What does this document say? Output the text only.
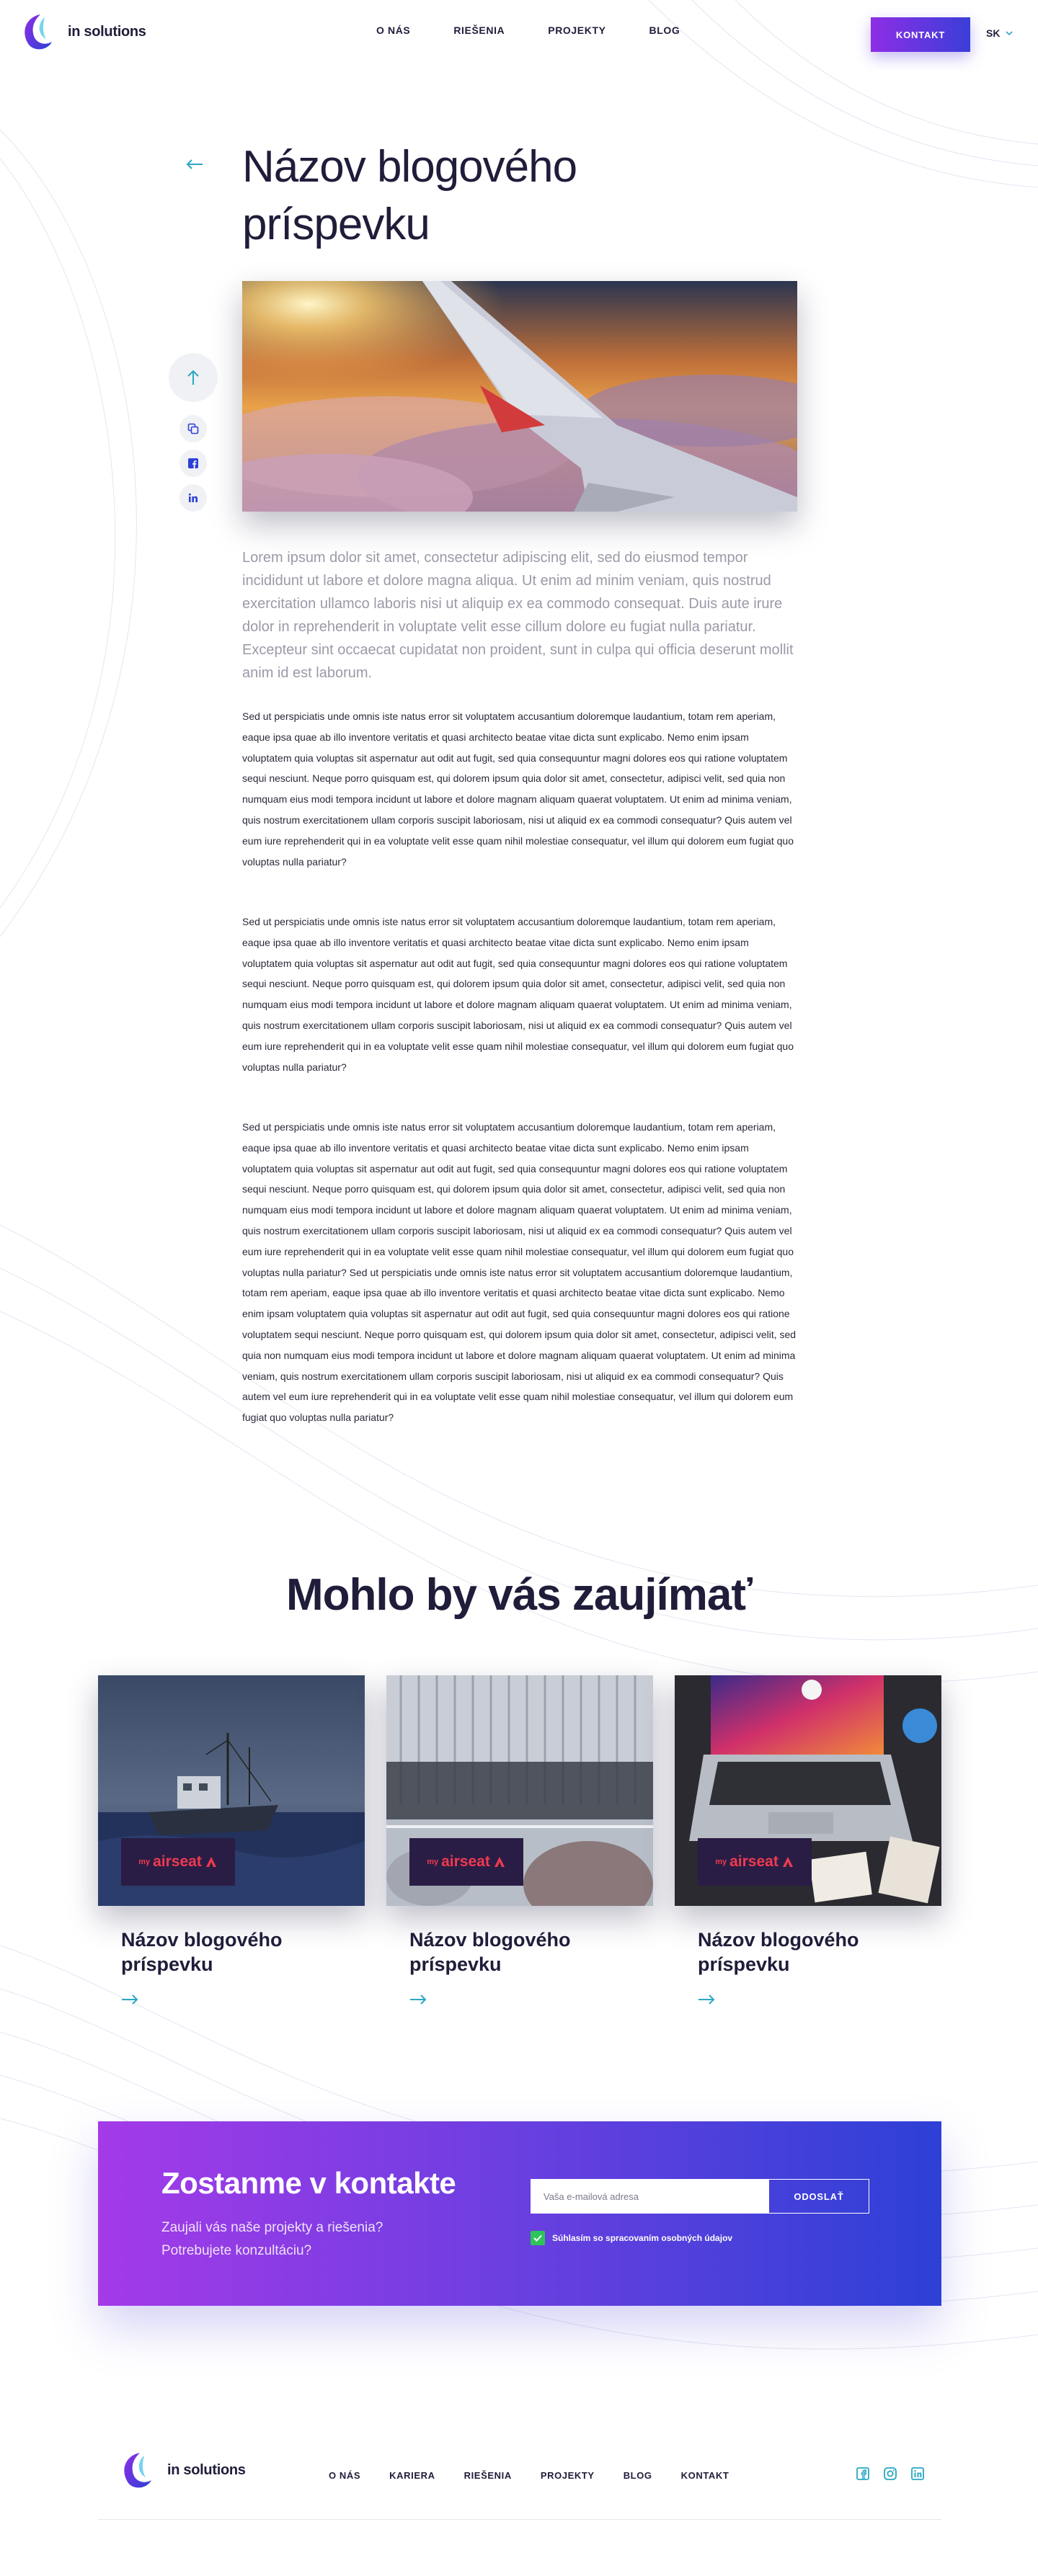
in solutions	O NÁS	RIEŠENIA	PROJEKTY	BLOG	KONTAKT	SK
Názov blogového príspevku

Lorem ipsum dolor sit amet, consectetur adipiscing elit, sed do eiusmod tempor incididunt ut labore et dolore magna aliqua. Ut enim ad minim veniam, quis nostrud exercitation ullamco laboris nisi ut aliquip ex ea commodo consequat. Duis aute irure dolor in reprehenderit in voluptate velit esse cillum dolore eu fugiat nulla pariatur. Excepteur sint occaecat cupidatat non proident, sunt in culpa qui officia deserunt mollit anim id est laborum.

Sed ut perspiciatis unde omnis iste natus error sit voluptatem accusantium doloremque laudantium, totam rem aperiam, eaque ipsa quae ab illo inventore veritatis et quasi architecto beatae vitae dicta sunt explicabo. Nemo enim ipsam voluptatem quia voluptas sit aspernatur aut odit aut fugit, sed quia consequuntur magni dolores eos qui ratione voluptatem sequi nesciunt. Neque porro quisquam est, qui dolorem ipsum quia dolor sit amet, consectetur, adipisci velit, sed quia non numquam eius modi tempora incidunt ut labore et dolore magnam aliquam quaerat voluptatem. Ut enim ad minima veniam, quis nostrum exercitationem ullam corporis suscipit laboriosam, nisi ut aliquid ex ea commodi consequatur? Quis autem vel eum iure reprehenderit qui in ea voluptate velit esse quam nihil molestiae consequatur, vel illum qui dolorem eum fugiat quo voluptas nulla pariatur?

Sed ut perspiciatis unde omnis iste natus error sit voluptatem accusantium doloremque laudantium, totam rem aperiam, eaque ipsa quae ab illo inventore veritatis et quasi architecto beatae vitae dicta sunt explicabo. Nemo enim ipsam voluptatem quia voluptas sit aspernatur aut odit aut fugit, sed quia consequuntur magni dolores eos qui ratione voluptatem sequi nesciunt. Neque porro quisquam est, qui dolorem ipsum quia dolor sit amet, consectetur, adipisci velit, sed quia non numquam eius modi tempora incidunt ut labore et dolore magnam aliquam quaerat voluptatem. Ut enim ad minima veniam, quis nostrum exercitationem ullam corporis suscipit laboriosam, nisi ut aliquid ex ea commodi consequatur? Quis autem vel eum iure reprehenderit qui in ea voluptate velit esse quam nihil molestiae consequatur, vel illum qui dolorem eum fugiat quo voluptas nulla pariatur?

Sed ut perspiciatis unde omnis iste natus error sit voluptatem accusantium doloremque laudantium, totam rem aperiam, eaque ipsa quae ab illo inventore veritatis et quasi architecto beatae vitae dicta sunt explicabo. Nemo enim ipsam voluptatem quia voluptas sit aspernatur aut odit aut fugit, sed quia consequuntur magni dolores eos qui ratione voluptatem sequi nesciunt. Neque porro quisquam est, qui dolorem ipsum quia dolor sit amet, consectetur, adipisci velit, sed quia non numquam eius modi tempora incidunt ut labore et dolore magnam aliquam quaerat voluptatem. Ut enim ad minima veniam, quis nostrum exercitationem ullam corporis suscipit laboriosam, nisi ut aliquid ex ea commodi consequatur? Quis autem vel eum iure reprehenderit qui in ea voluptate velit esse quam nihil molestiae consequatur, vel illum qui dolorem eum fugiat quo voluptas nulla pariatur? Sed ut perspiciatis unde omnis iste natus error sit voluptatem accusantium doloremque laudantium, totam rem aperiam, eaque ipsa quae ab illo inventore veritatis et quasi architecto beatae vitae dicta sunt explicabo. Nemo enim ipsam voluptatem quia voluptas sit aspernatur aut odit aut fugit, sed quia consequuntur magni dolores eos qui ratione voluptatem sequi nesciunt. Neque porro quisquam est, qui dolorem ipsum quia dolor sit amet, consectetur, adipisci velit, sed quia non numquam eius modi tempora incidunt ut labore et dolore magnam aliquam quaerat voluptatem. Ut enim ad minima veniam, quis nostrum exercitationem ullam corporis suscipit laboriosam, nisi ut aliquid ex ea commodi consequatur? Quis autem vel eum iure reprehenderit qui in ea voluptate velit esse quam nihil molestiae consequatur, vel illum qui dolorem eum fugiat quo voluptas nulla pariatur?

Mohlo by vás zaujímať
my airseat
Názov blogového príspevku
my airseat
Názov blogového príspevku
my airseat
Názov blogového príspevku
Zostanme v kontakte

Zaujali vás naše projekty a riešenia? Potrebujete konzultáciu?

Vaša e-mailová adresa
ODOSLAŤ
Súhlasím so spracovaním osobných údajov
in solutions	O NÁS	KARIERA	RIEŠENIA	PROJEKTY	BLOG	KONTAKT
